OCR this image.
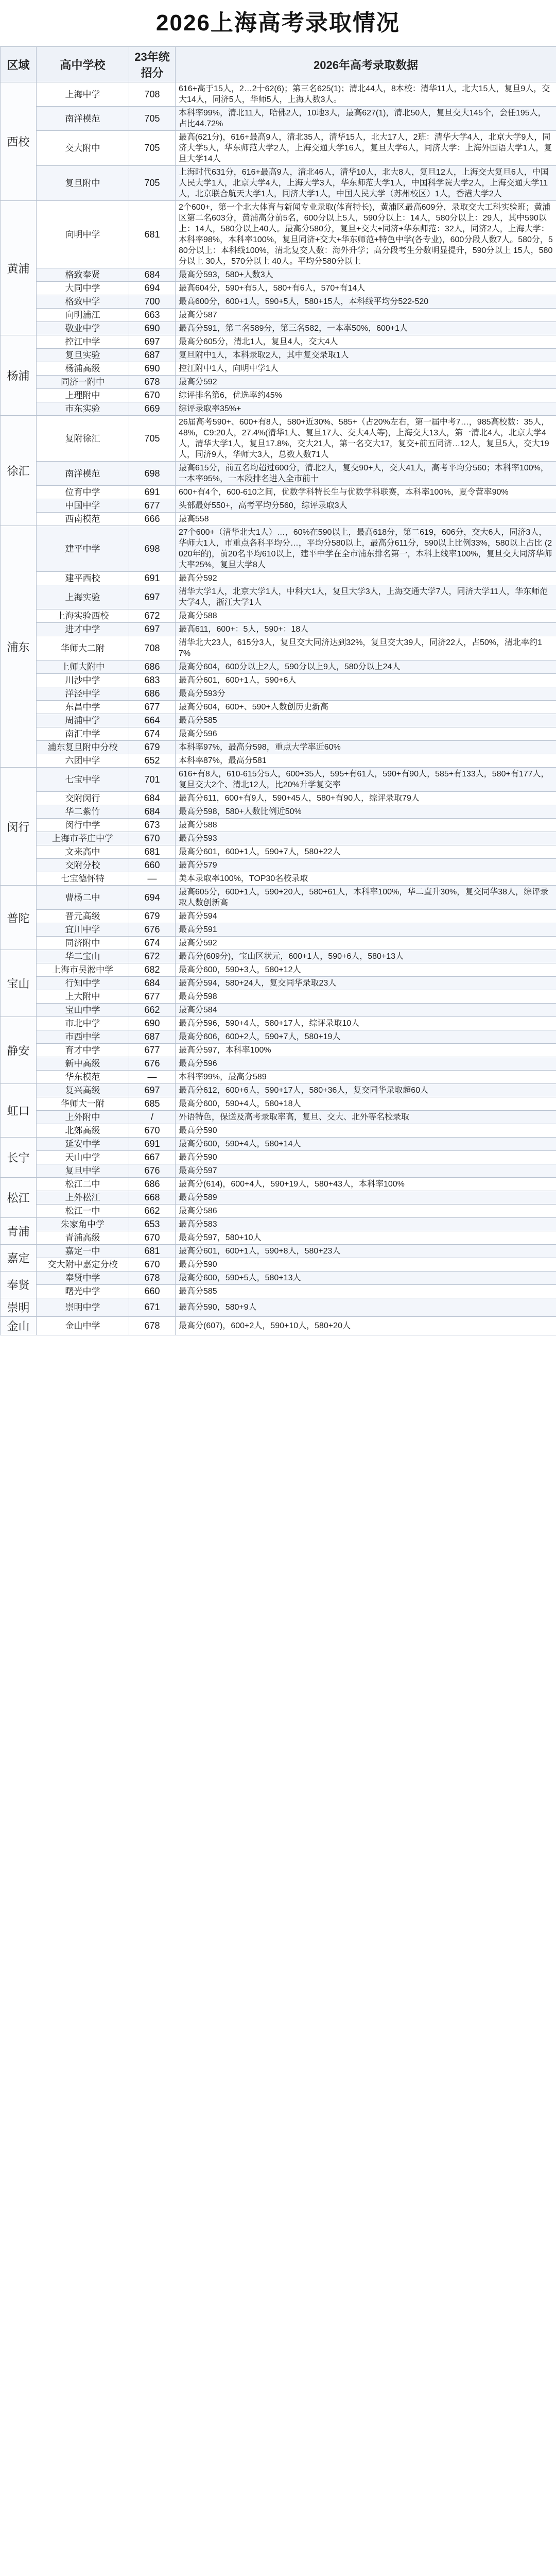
2026上海高考录取情况
区域	高中学校	23年统招分	2026年高考录取数据
西校	上海中学	708	616+高于15人，2…2十62(6)；第三名625(1)；清北44人，8本校：清华11人，北大15人，复旦9人，交大14人，同济5人，华师5人，上海人数3人。
	南洋模范	705	本科率99%，清北11人，哈佛2人，10地3人，最高627(1)，清北50人，复旦交大145个，会任195人，占比44.72%
	交大附中	705	最高(621分)，616+最高9人，清北35人，清华15人，北大17人，2班：清华大学4人，北京大学9人，同济大学5人，华东师范大学2人，上海交通大学16人，复旦大学6人，同济大学：上海外国语大学1人，复旦大学14人
	复旦附中	705	上海时代631分，616+最高9人，清北46人，清华10人，北大8人，复旦12人，上海交大复旦6人，中国人民大学1人，北京大学4人，上海大学3人，华东师范大学1人，中国科学院大学2人，上海交通大学11人，北京联合航天大学1人，同济大学1人，中国人民大学（苏州校区）1人，香港大学2人
黄浦	向明中学	681	2个600+，第一个北大体育与新闻专业录取(体育特长)，黄浦区最高609分，录取交大工科实验班；黄浦区第二名603分，黄浦高分前5名，600分以上5人，590分以上：14人，580分以上：29人，其中590以上：14人，580分以上40人。最高分580分，复旦+交大+同济+华东师范：32人，同济2人，上海大学：本科率98%，本科率100%，复旦同济+交大+华东师范+特色中学(各专业)，600分段人数7人。580分，580分以上：本科线100%，清北复交人数：海外升学；高分段考生分数明显提升，590分以上 15人，580分以上 30人，570分以上 40人。平均分580分以上
	格致奉贤	684	最高分593，580+人数3人
	大同中学	694	最高604分，590+有5人，580+有6人，570+有14人
	格致中学	700	最高600分，600+1人，590+5人，580+15人，本科线平均分522-520
	向明浦江	663	最高分587
	敬业中学	690	最高分591，第二名589分，第三名582，一本率50%，600+1人
杨浦	控江中学	697	最高分605分，清北1人，复旦4人，交大4人
	复旦实验	687	复旦附中1人，本科录取2人，其中复交录取1人
	杨浦高级	690	控江附中1人，向明中学1人
	同济一附中	678	最高分592
	上理附中	670	综评排名第6，优选率约45%
	市东实验	669	综评录取率35%+
徐汇	复附徐汇	705	26届高考590+、600+有8人，580+近30%、585+（占20%左右，第一届中考7…，985高校数：35人，48%，C9:20人，27.4%(清华1人、复旦17人、交大4人等)，上海交大13人，第一清北4人，北京大学4人，清华大学1人，复旦17.8%，交大21人，第一名交大17，复交+前五同济…12人，复旦5人，交大19人，同济9人，华师大3人，总数人数71人
	南洋模范	698	最高615分，前五名均超过600分，清北2人，复交90+人，交大41人，高考平均分560；本科率100%，一本率95%，一本段排名进入全市前十
	位育中学	691	600+有4个，600-610之间，优数学科特长生与优数学科联赛，本科率100%，夏令营率90%
	中国中学	677	头部最好550+，高考平均分560，综评录取3人
	西南模范	666	最高558
浦东	建平中学	698	27个600+（清华北大1人）…，60%在590以上，最高618分，第二619，606分，交大6人，同济3人，华师大1人，市重点各科平均分…，平均分580以上，最高分611分，590以上比例33%，580以上占比 (2020年的)，前20名平均610以上，建平中学在全市浦东排名第一，本科上线率100%，复旦交大同济华师大率25%，复旦大学8人
	建平西校	691	最高分592
	上海实验	697	清华大学1人，北京大学1人，中科大1人，复旦大学3人，上海交通大学7人，同济大学11人，华东师范大学4人，浙江大学1人
	上海实验西校	672	最高分588
	进才中学	697	最高611，600+：5人，590+：18人
	华师大二附	708	清华北大23人，615分3人，复旦交大同济达到32%，复旦交大39人，同济22人，占50%，清北率约17%
	上师大附中	686	最高分604，600分以上2人，590分以上9人，580分以上24人
	川沙中学	683	最高分601，600+1人，590+6人
	洋泾中学	686	最高分593分
	东昌中学	677	最高分604，600+、590+人数创历史新高
	周浦中学	664	最高分585
	南汇中学	674	最高分596
	浦东复旦附中分校	679	本科率97%，最高分598，重点大学率近60%
	六团中学	652	本科率87%，最高分581
闵行	七宝中学	701	616+有8人，610-615分5人，600+35人，595+有61人，590+有90人，585+有133人，580+有177人，复旦交大2个、清北12人，比20%升学复交率
	交附闵行	684	最高分611，600+有9人，590+45人，580+有90人，综评录取79人
	华二紫竹	684	最高分598，580+人数比例近50%
	闵行中学	673	最高分588
	上海市莘庄中学	670	最高分593
	文来高中	681	最高分601，600+1人，590+7人，580+22人
	交附分校	660	最高分579
	七宝德怀特	—	美本录取率100%，TOP30名校录取
普陀	曹杨二中	694	最高605分，600+1人，590+20人，580+61人，本科率100%，华二直升30%，复交同华38人，综评录取人数创新高
	晋元高级	679	最高分594
	宜川中学	676	最高分591
	同济附中	674	最高分592
宝山	华二宝山	672	最高分(609分)，宝山区状元，600+1人，590+6人，580+13人
	上海市吴淞中学	682	最高分600，590+3人，580+12人
	行知中学	684	最高分594，580+24人，复交同华录取23人
	上大附中	677	最高分598
	宝山中学	662	最高分584
静安	市北中学	690	最高分596，590+4人，580+17人，综评录取10人
	市西中学	687	最高分606，600+2人，590+7人，580+19人
	育才中学	677	最高分597，本科率100%
	新中高级	676	最高分596
	华东模范	—	本科率99%，最高分589
虹口	复兴高级	697	最高分612，600+6人，590+17人，580+36人，复交同华录取超60人
	华师大一附	685	最高分600，590+4人，580+18人
	上外附中	/	外语特色，保送及高考录取率高，复旦、交大、北外等名校录取
	北郊高级	670	最高分590
长宁	延安中学	691	最高分600，590+4人，580+14人
	天山中学	667	最高分590
	复旦中学	676	最高分597
松江	松江二中	686	最高分(614)，600+4人，590+19人，580+43人，本科率100%
	上外松江	668	最高分589
	松江一中	662	最高分586
青浦	朱家角中学	653	最高分583
	青浦高级	670	最高分597，580+10人
嘉定	嘉定一中	681	最高分601，600+1人，590+8人，580+23人
	交大附中嘉定分校	670	最高分590
奉贤	奉贤中学	678	最高分600，590+5人，580+13人
	曙光中学	660	最高分585
崇明	崇明中学	671	最高分590，580+9人
金山	金山中学	678	最高分(607)，600+2人，590+10人，580+20人
